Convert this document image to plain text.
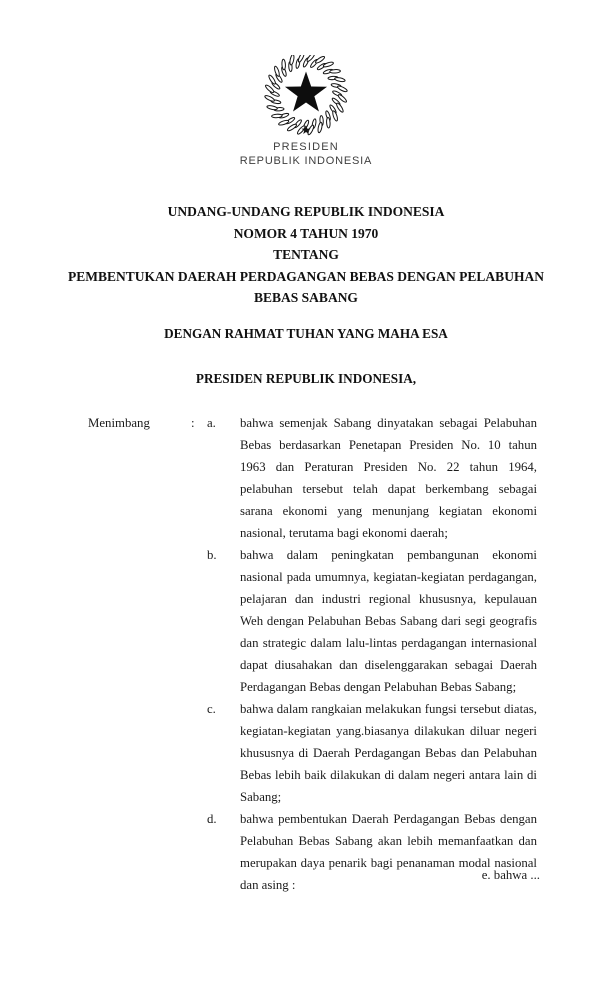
PRESIDEN
REPUBLIK INDONESIA
UNDANG-UNDANG REPUBLIK INDONESIA
NOMOR 4 TAHUN 1970
TENTANG
PEMBENTUKAN DAERAH PERDAGANGAN BEBAS DENGAN PELABUHAN
BEBAS SABANG
DENGAN RAHMAT TUHAN YANG MAHA ESA
PRESIDEN REPUBLIK INDONESIA,
Menimbang	: a.	bahwa semenjak Sabang dinyatakan sebagai Pelabuhan Bebas berdasarkan Penetapan Presiden No. 10 tahun 1963 dan Peraturan Presiden No. 22 tahun 1964, pelabuhan tersebut telah dapat berkembang sebagai sarana ekonomi yang menunjang kegiatan ekonomi nasional, terutama bagi ekonomi daerah;
b.	bahwa dalam peningkatan pembangunan ekonomi nasional pada umumnya, kegiatan-kegiatan perdagangan, pelajaran dan industri regional khususnya, kepulauan Weh dengan Pelabuhan Bebas Sabang dari segi geografis dan strategic dalam lalu-lintas perdagangan internasional dapat diusahakan dan diselenggarakan sebagai Daerah Perdagangan Bebas dengan Pelabuhan Bebas Sabang;
c.	bahwa dalam rangkaian melakukan fungsi tersebut diatas, kegiatan-kegiatan yang.biasanya dilakukan diluar negeri khususnya di Daerah Perdagangan Bebas dan Pelabuhan Bebas lebih baik dilakukan di dalam negeri antara lain di Sabang;
d.	bahwa pembentukan Daerah Perdagangan Bebas dengan Pelabuhan Bebas Sabang akan lebih memanfaatkan dan merupakan daya penarik bagi penanaman modal nasional dan asing :
e. bahwa ...
